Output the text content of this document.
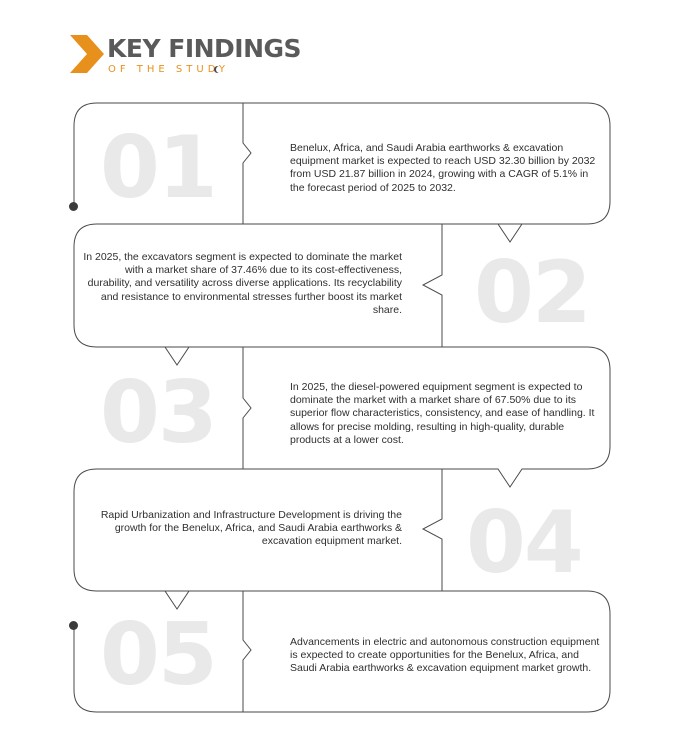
KEY FINDINGS
OF THE STUDY
01
02
03
04
05

Benelux, Africa, and Saudi Arabia earthworks & excavation equipment market is expected to reach USD 32.30 billion by 2032 from USD 21.87 billion in 2024, growing with a CAGR of 5.1% in the forecast period of 2025 to 2032.

In 2025, the excavators segment is expected to dominate the market with a market share of 37.46% due to its cost-effectiveness, durability, and versatility across diverse applications. Its recyclability and resistance to environmental stresses further boost its market share.

In 2025, the diesel-powered equipment segment is expected to dominate the market with a market share of 67.50% due to its superior flow characteristics, consistency, and ease of handling. It allows for precise molding, resulting in high-quality, durable products at a lower cost.

Rapid Urbanization and Infrastructure Development is driving the growth for the Benelux, Africa, and Saudi Arabia earthworks & excavation equipment market.

Advancements in electric and autonomous construction equipment is expected to create opportunities for the Benelux, Africa, and Saudi Arabia earthworks & excavation equipment market growth.
